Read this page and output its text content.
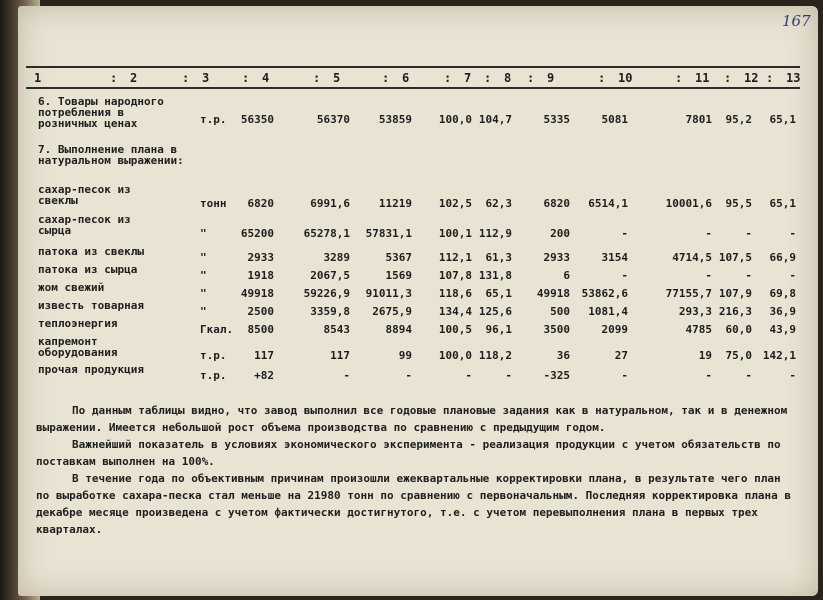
167
1	: 2	: 3	: 4	: 5	: 6	: 7 : 8 : 9	: 10	: 11 : 12 : 13
6. Товары народного потребления в розничных ценах	т.р.	56350	56370	53859	100,0 104,7	5335	5081	7801	95,2	65,1
7. Выполнение плана в натуральном выражении:
сахар-песок из свеклы	тонн	6820	6991,6	11219	102,5	62,3	6820	6514,1	10001,6	95,5	65,1
сахар-песок из сырца	"	65200	65278,1	57831,1	100,1 112,9	200	-	-	-	-
патока из свеклы	"	2933	3289	5367	112,1	61,3	2933	3154	4714,5 107,5	66,9
патока из сырца	"	1918	2067,5	1569	107,8 131,8	6	-	-	-	-
жом свежий	"	49918	59226,9	91011,3	118,6	65,1	49918	53862,6	77155,7 107,9	69,8
известь товарная	"	2500	3359,8	2675,9	134,4 125,6	500	1081,4	293,3 216,3	36,9
теплоэнергия	Гкал.	8500	8543	8894	100,5	96,1	3500	2099	4785	60,0	43,9
капремонт оборудования	т.р.	117	117	99	100,0 118,2	36	27	19	75,0 142,1
прочая продукция	т.р.	+82	-	-	-	-	-325	-	-	-	-
По данным таблицы видно, что завод выполнил все годовые плановые задания как в натуральном, так и в денежном выражении. Имеется небольшой рост объема производства по сравнению с предыдущим годом.
Важнейший показатель в условиях экономического эксперимента - реализация продукции с учетом обязательств по поставкам выполнен на 100%.
В течение года по объективным причинам произошли ежеквартальные корректировки плана, в результате чего план по выработке сахара-песка стал меньше на 21980 тонн по сравнению с первоначальным. Последняя корректировка плана в декабре месяце произведена с учетом фактически достигнутого, т.е. с учетом перевыполнения плана в первых трех кварталах.
